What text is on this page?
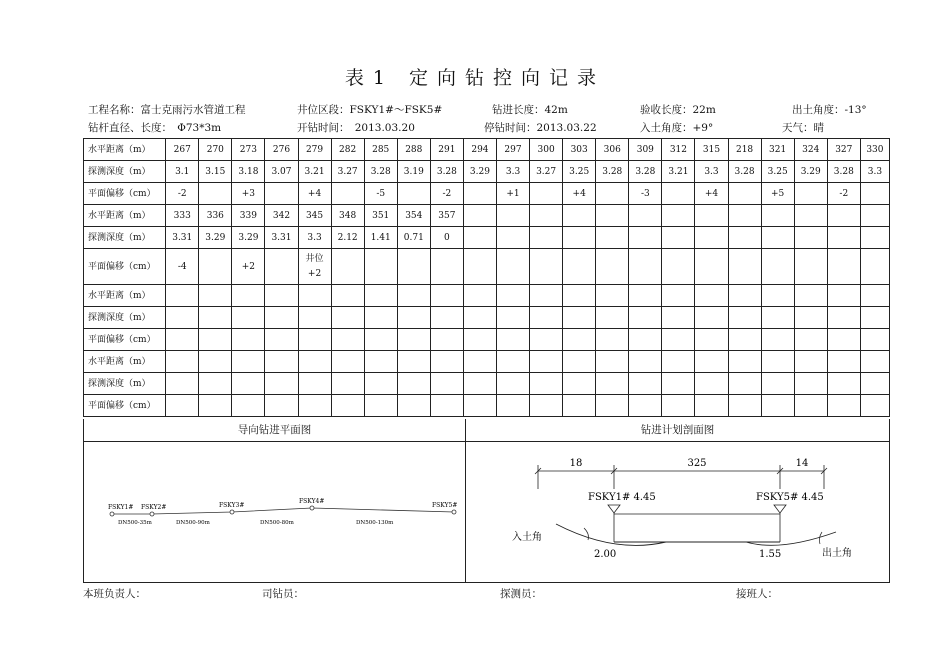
表1 定向钻控向记录
工程名称：富士克雨污水管道工程	井位区段：FSKY1#～FSK5#	钻进长度：42m	验收长度：22m	出土角度：-13°
钻杆直径、长度：　Φ73*3m	开钻时间：　2013.03.20	停钻时间：2013.03.22	入土角度：+9°	天气：晴
水平距离（m）	267	270	273	276	279	282	285	288	291	294	297	300	303	306	309	312	315	218	321	324	327	330
探测深度（m）	3.1	3.15	3.18	3.07	3.21	3.27	3.28	3.19	3.28	3.29	3.3	3.27	3.25	3.28	3.28	3.21	3.3	3.28	3.25	3.29	3.28	3.3
平面偏移（cm）	-2		+3		+4		-5		-2		+1		+4		-3		+4		+5		-2	
水平距离（m）	333	336	339	342	345	348	351	354	357													
探测深度（m）	3.31	3.29	3.29	3.31	3.3	2.12	1.41	0.71	0													
平面偏移（cm）	-4		+2		井位
+2																	

水平距离（m）																						
探测深度（m）																						
平面偏移（cm）																						
水平距离（m）																						
探测深度（m）																						
平面偏移（cm）																						
导向钻进平面图	钻进计划剖面图
FSKY1# FSKY2#	FSKY3#
FSKY4#
FSKY5#
DN500-35m	DN500-90m	DN500-80m	DN500-130m
18	325	14
FSKY1# 4.45	FSKY5# 4.45
入土角
出土角
2.00	1.55
本班负责人：	司钻员：	探测员：	接班人：
